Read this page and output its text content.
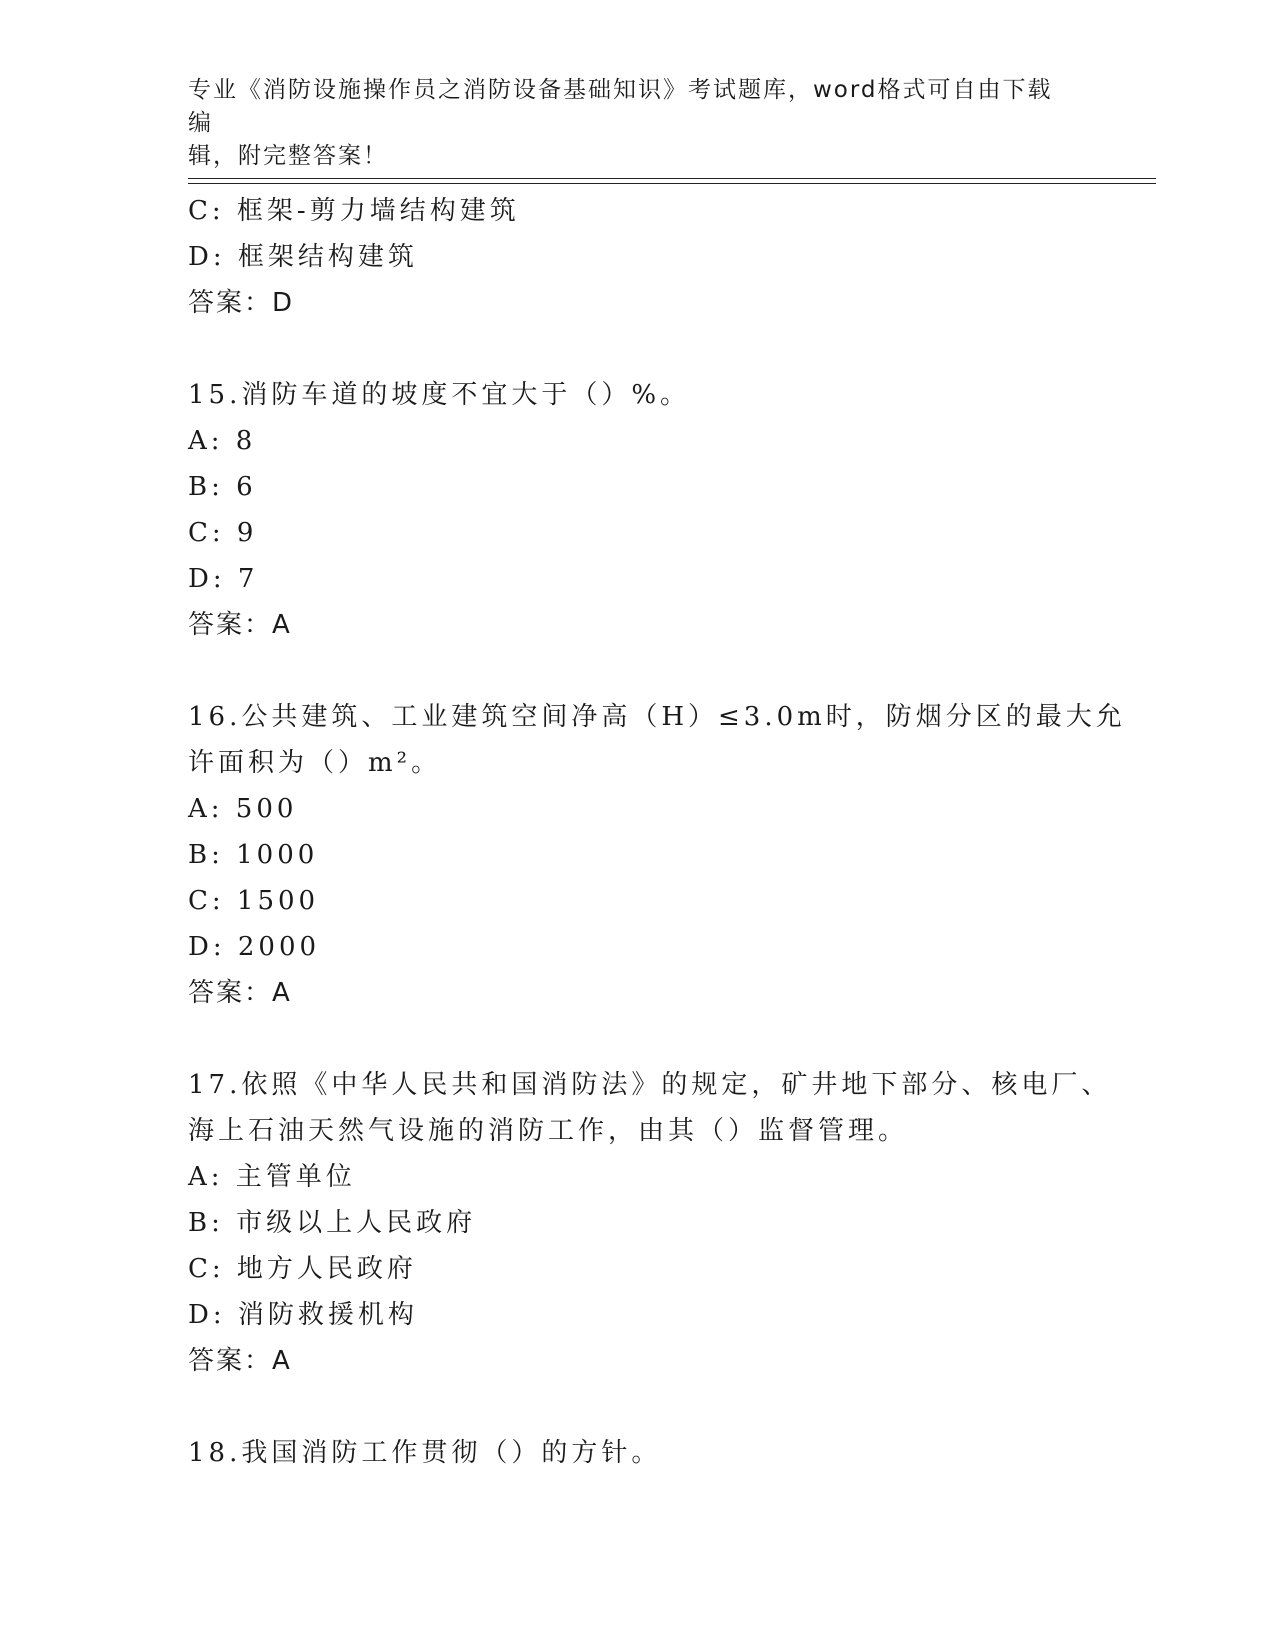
专业《消防设施操作员之消防设备基础知识》考试题库，word格式可自由下载编
辑，附完整答案！
C: 框架-剪力墙结构建筑
D: 框架结构建筑
答案：D
15.消防车道的坡度不宜大于（）%。
A: 8
B: 6
C: 9
D: 7
答案：A
16.公共建筑、工业建筑空间净高（H）≤3.0m时，防烟分区的最大允
许面积为（）m²。
A: 500
B: 1000
C: 1500
D: 2000
答案：A
17.依照《中华人民共和国消防法》的规定，矿井地下部分、核电厂、
海上石油天然气设施的消防工作，由其（）监督管理。
A: 主管单位
B: 市级以上人民政府
C: 地方人民政府
D: 消防救援机构
答案：A
18.我国消防工作贯彻（）的方针。
